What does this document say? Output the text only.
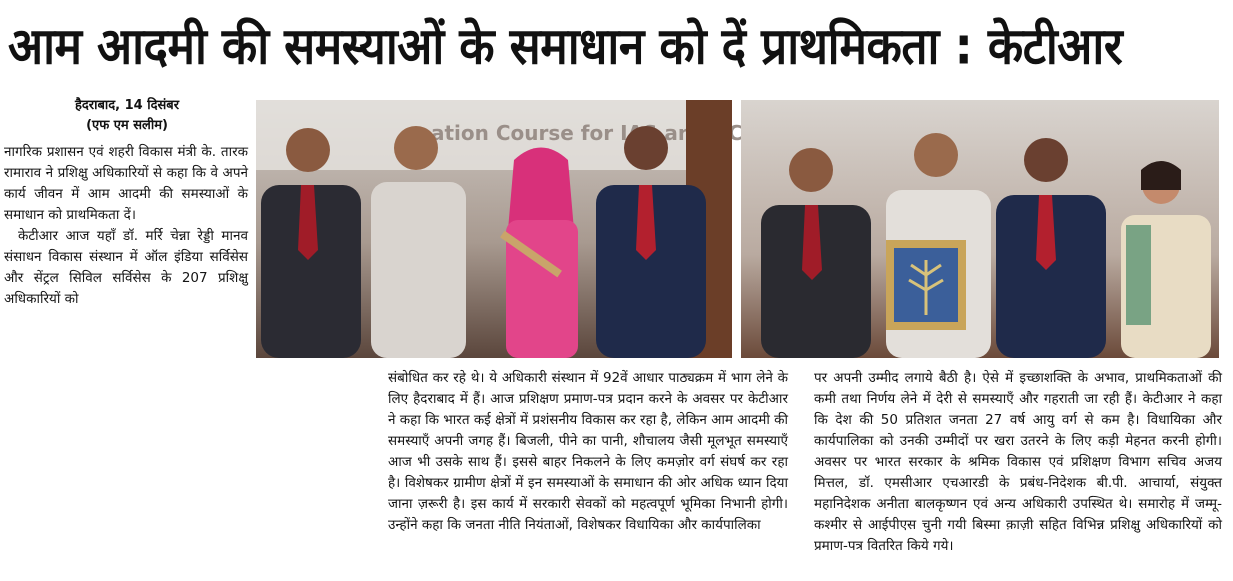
आम आदमी की समस्याओं के समाधान को दें प्राथमिकता : केटीआर
हैदराबाद, 14 दिसंबर
(एफ एम सलीम)

नागरिक प्रशासन एवं शहरी विकास मंत्री के. तारक रामाराव ने प्रशिक्षु अधिकारियों से कहा कि वे अपने कार्य जीवन में आम आदमी की समस्याओं के समाधान को प्राथमिकता दें।

केटीआर आज यहाँ डॉ. मर्रि चेन्ना रेड्डी मानव संसाधन विकास संस्थान में ऑल इंडिया सर्विसेस और सेंट्रल सिविल सर्विसेस के 207 प्रशिक्षु अधिकारियों को

ation Course for and CCS

संबोधित कर रहे थे। ये अधिकारी संस्थान में 92वें आधार पाठ्यक्रम में भाग लेने के लिए हैदराबाद में हैं। आज प्रशिक्षण प्रमाण-पत्र प्रदान करने के अवसर पर केटीआर ने कहा कि भारत कई क्षेत्रों में प्रशंसनीय विकास कर रहा है, लेकिन आम आदमी की समस्याएँ अपनी जगह हैं। बिजली, पीने का पानी, शौचालय जैसी मूलभूत समस्याएँ आज भी उसके साथ हैं। इससे बाहर निकलने के लिए कमज़ोर वर्ग संघर्ष कर रहा है। विशेषकर ग्रामीण क्षेत्रों में इन समस्याओं के समाधान की ओर अधिक ध्यान दिया जाना ज़रूरी है। इस कार्य में सरकारी सेवकों को महत्वपूर्ण भूमिका निभानी होगी। उन्होंने कहा कि जनता नीति नियंताओं, विशेषकर विधायिका और कार्यपालिका

पर अपनी उम्मीद लगाये बैठी है। ऐसे में इच्छाशक्ति के अभाव, प्राथमिकताओं की कमी तथा निर्णय लेने में देरी से समस्याएँ और गहराती जा रही हैं। केटीआर ने कहा कि देश की 50 प्रतिशत जनता 27 वर्ष आयु वर्ग से कम है। विधायिका और कार्यपालिका को उनकी उम्मीदों पर खरा उतरने के लिए कड़ी मेहनत करनी होगी। अवसर पर भारत सरकार के श्रमिक विकास एवं प्रशिक्षण विभाग सचिव अजय मित्तल, डॉ. एमसीआर एचआरडी के प्रबंध-निदेशक बी.पी. आचार्या, संयुक्त महानिदेशक अनीता बालकृष्णन एवं अन्य अधिकारी उपस्थित थे। समारोह में जम्मू-कश्मीर से आईपीएस चुनी गयी बिस्मा क़ाज़ी सहित विभिन्न प्रशिक्षु अधिकारियों को प्रमाण-पत्र वितरित किये गये।
